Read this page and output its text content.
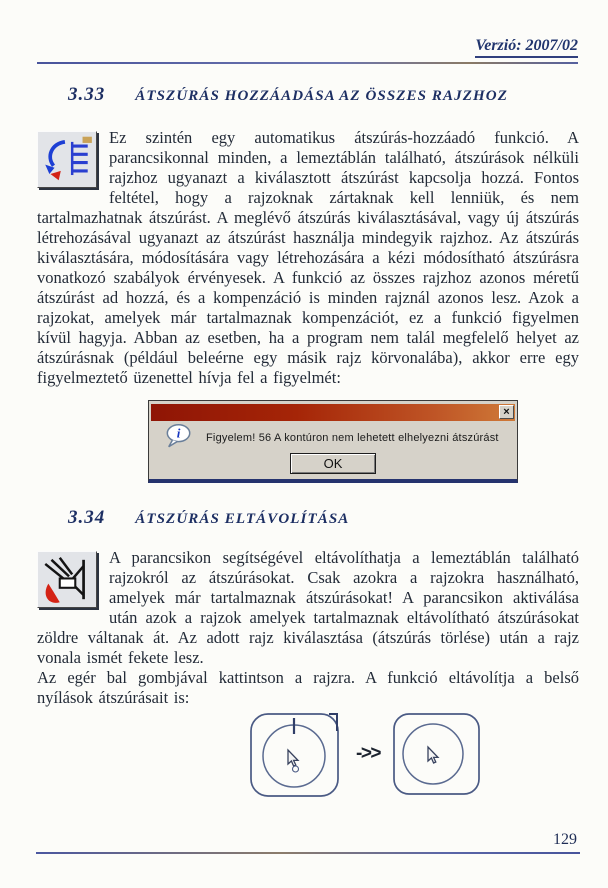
Verzió: 2007/02
3.33 ÁTSZÚRÁS HOZZÁADÁSA AZ ÖSSZES RAJZHOZ

Ez szintén egy automatikus átszúrás-hozzáadó funkció. A parancsikonnal minden, a lemeztáblán található, átszúrások nélküli rajzhoz ugyanazt a kiválasztott átszúrást kapcsolja hozzá. Fontos feltétel, hogy a rajzoknak zártaknak kell lenniük, és nem tartalmazhatnak átszúrást. A meglévő átszúrás kiválasztásával, vagy új átszúrás létrehozásával ugyanazt az átszúrást használja mindegyik rajzhoz. Az átszúrás kiválasztására, módosítására vagy létrehozására a kézi módosítható átszúrásra vonatkozó szabályok érvényesek. A funkció az összes rajzhoz azonos méretű átszúrást ad hozzá, és a kompenzáció is minden rajznál azonos lesz. Azok a rajzokat, amelyek már tartalmaznak kompenzációt, ez a funkció figyelmen kívül hagyja. Abban az esetben, ha a program nem talál megfelelő helyet az átszúrásnak (például beleérne egy másik rajz körvonalába), akkor erre egy figyelmeztető üzenettel hívja fel a figyelmét:

×
i Figyelem! 56 A kontúron nem lehetett elhelyezni átszúrást
OK
3.34 ÁTSZÚRÁS ELTÁVOLÍTÁSA

A parancsikon segítségével eltávolíthatja a lemeztáblán található rajzokról az átszúrásokat. Csak azokra a rajzokra használható, amelyek már tartalmaznak átszúrásokat! A parancsikon aktiválása után azok a rajzok amelyek tartalmaznak eltávolítható átszúrásokat zöldre váltanak át. Az adott rajz kiválasztása (átszúrás törlése) után a rajz vonala ismét fekete lesz.

Az egér bal gombjával kattintson a rajzra. A funkció eltávolítja a belső nyílások átszúrásait is:

->>
129
